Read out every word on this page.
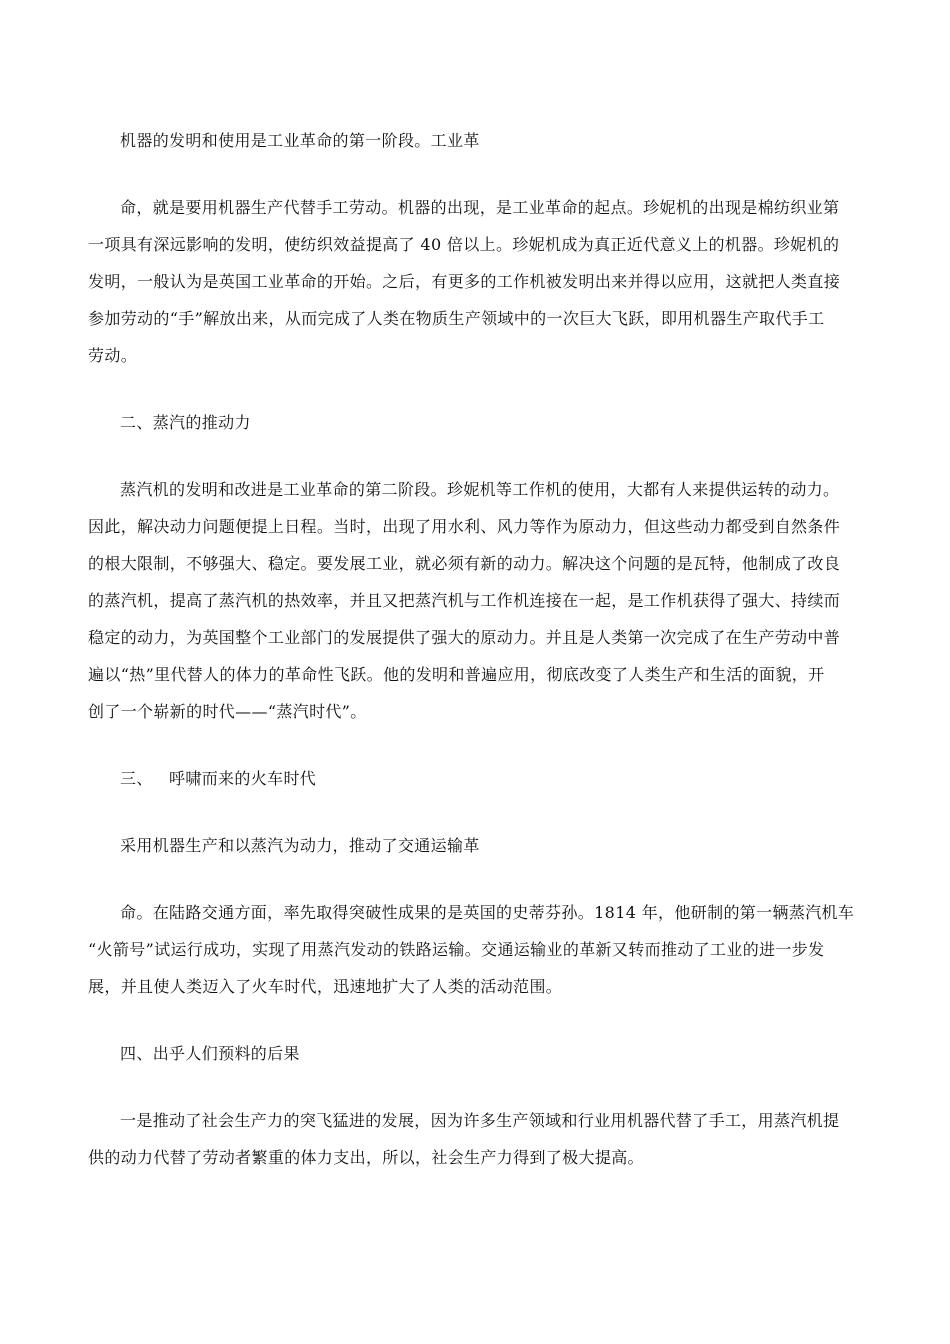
机器的发明和使用是工业革命的第一阶段。工业革
命，就是要用机器生产代替手工劳动。机器的出现，是工业革命的起点。珍妮机的出现是棉纺织业第
一项具有深远影响的发明，使纺织效益提高了 40 倍以上。珍妮机成为真正近代意义上的机器。珍妮机的
发明，一般认为是英国工业革命的开始。之后，有更多的工作机被发明出来并得以应用，这就把人类直接
参加劳动的“手”解放出来，从而完成了人类在物质生产领域中的一次巨大飞跃，即用机器生产取代手工
劳动。
二、蒸汽的推动力
蒸汽机的发明和改进是工业革命的第二阶段。珍妮机等工作机的使用，大都有人来提供运转的动力。
因此，解决动力问题便提上日程。当时，出现了用水利、风力等作为原动力，但这些动力都受到自然条件
的根大限制，不够强大、稳定。要发展工业，就必须有新的动力。解决这个问题的是瓦特，他制成了改良
的蒸汽机，提高了蒸汽机的热效率，并且又把蒸汽机与工作机连接在一起，是工作机获得了强大、持续而
稳定的动力，为英国整个工业部门的发展提供了强大的原动力。并且是人类第一次完成了在生产劳动中普
遍以“热”里代替人的体力的革命性飞跃。他的发明和普遍应用，彻底改变了人类生产和生活的面貌，开
创了一个崭新的时代——“蒸汽时代”。
三、   呼啸而来的火车时代
采用机器生产和以蒸汽为动力，推动了交通运输革
命。在陆路交通方面，率先取得突破性成果的是英国的史蒂芬孙。1814 年，他研制的第一辆蒸汽机车
“火箭号”试运行成功，实现了用蒸汽发动的铁路运输。交通运输业的革新又转而推动了工业的进一步发
展，并且使人类迈入了火车时代，迅速地扩大了人类的活动范围。
四、出乎人们预料的后果
一是推动了社会生产力的突飞猛进的发展，因为许多生产领域和行业用机器代替了手工，用蒸汽机提
供的动力代替了劳动者繁重的体力支出，所以，社会生产力得到了极大提高。
